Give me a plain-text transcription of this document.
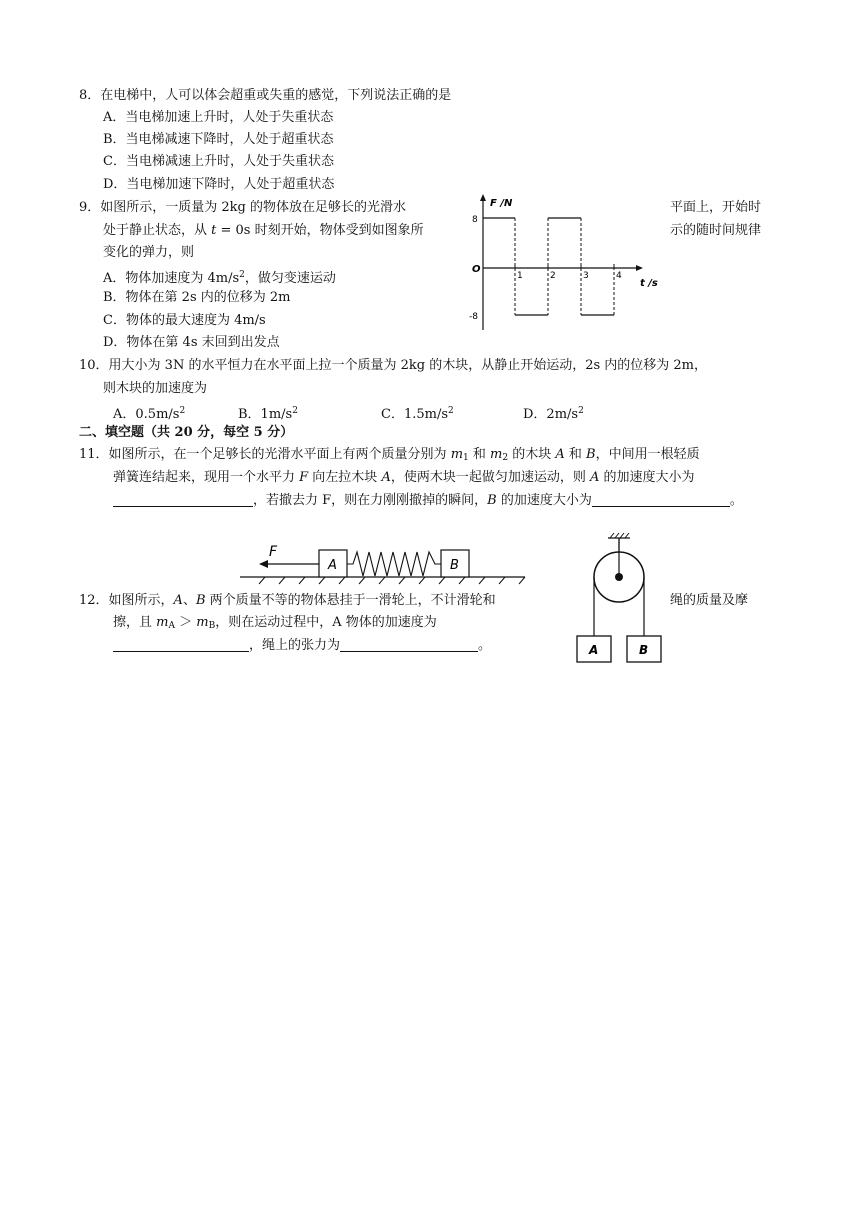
8．在电梯中，人可以体会超重或失重的感觉，下列说法正确的是
A．当电梯加速上升时，人处于失重状态
B．当电梯减速下降时，人处于超重状态
C．当电梯减速上升时，人处于失重状态
D．当电梯加速下降时，人处于超重状态
9．如图所示，一质量为 2kg 的物体放在足够长的光滑水	平面上，开始时
处于静止状态，从 t = 0s 时刻开始，物体受到如图象所	示的随时间规律
变化的弹力，则
A．物体加速度为 $4m/s^2$，做匀变速运动
B．物体在第 2s 内的位移为 2m
C．物体的最大速度为 4m/s
D．物体在第 4s 末回到出发点
F /N
t /s
O
8
-8
1	2	3	4
10．用大小为 3N 的水平恒力在水平面上拉一个质量为 2kg 的木块，从静止开始运动，2s 内的位移为 2m，
则木块的加速度为
A．$0.5m/s^2$	B．$1m/s^2$	C．$1.5m/s^2$	D．$2m/s^2$
二、填空题（共 20 分，每空 5 分）
11．如图所示，在一个足够长的光滑水平面上有两个质量分别为 $m_1$ 和 $m_2$ 的木块 A 和 B，中间用一根轻质
弹簧连结起来，现用一个水平力 F 向左拉木块 A，使两木块一起做匀加速运动，则 A 的加速度大小为
，若撤去力 F，则在力刚刚撤掉的瞬间，B 的加速度大小为	。
F
A	B
12．如图所示，A、B 两个质量不等的物体悬挂于一滑轮上，不计滑轮和	绳的质量及摩
擦，且 $m_A > m_B$，则在运动过程中，A 物体的加速度为
，绳上的张力为	。	A	B
